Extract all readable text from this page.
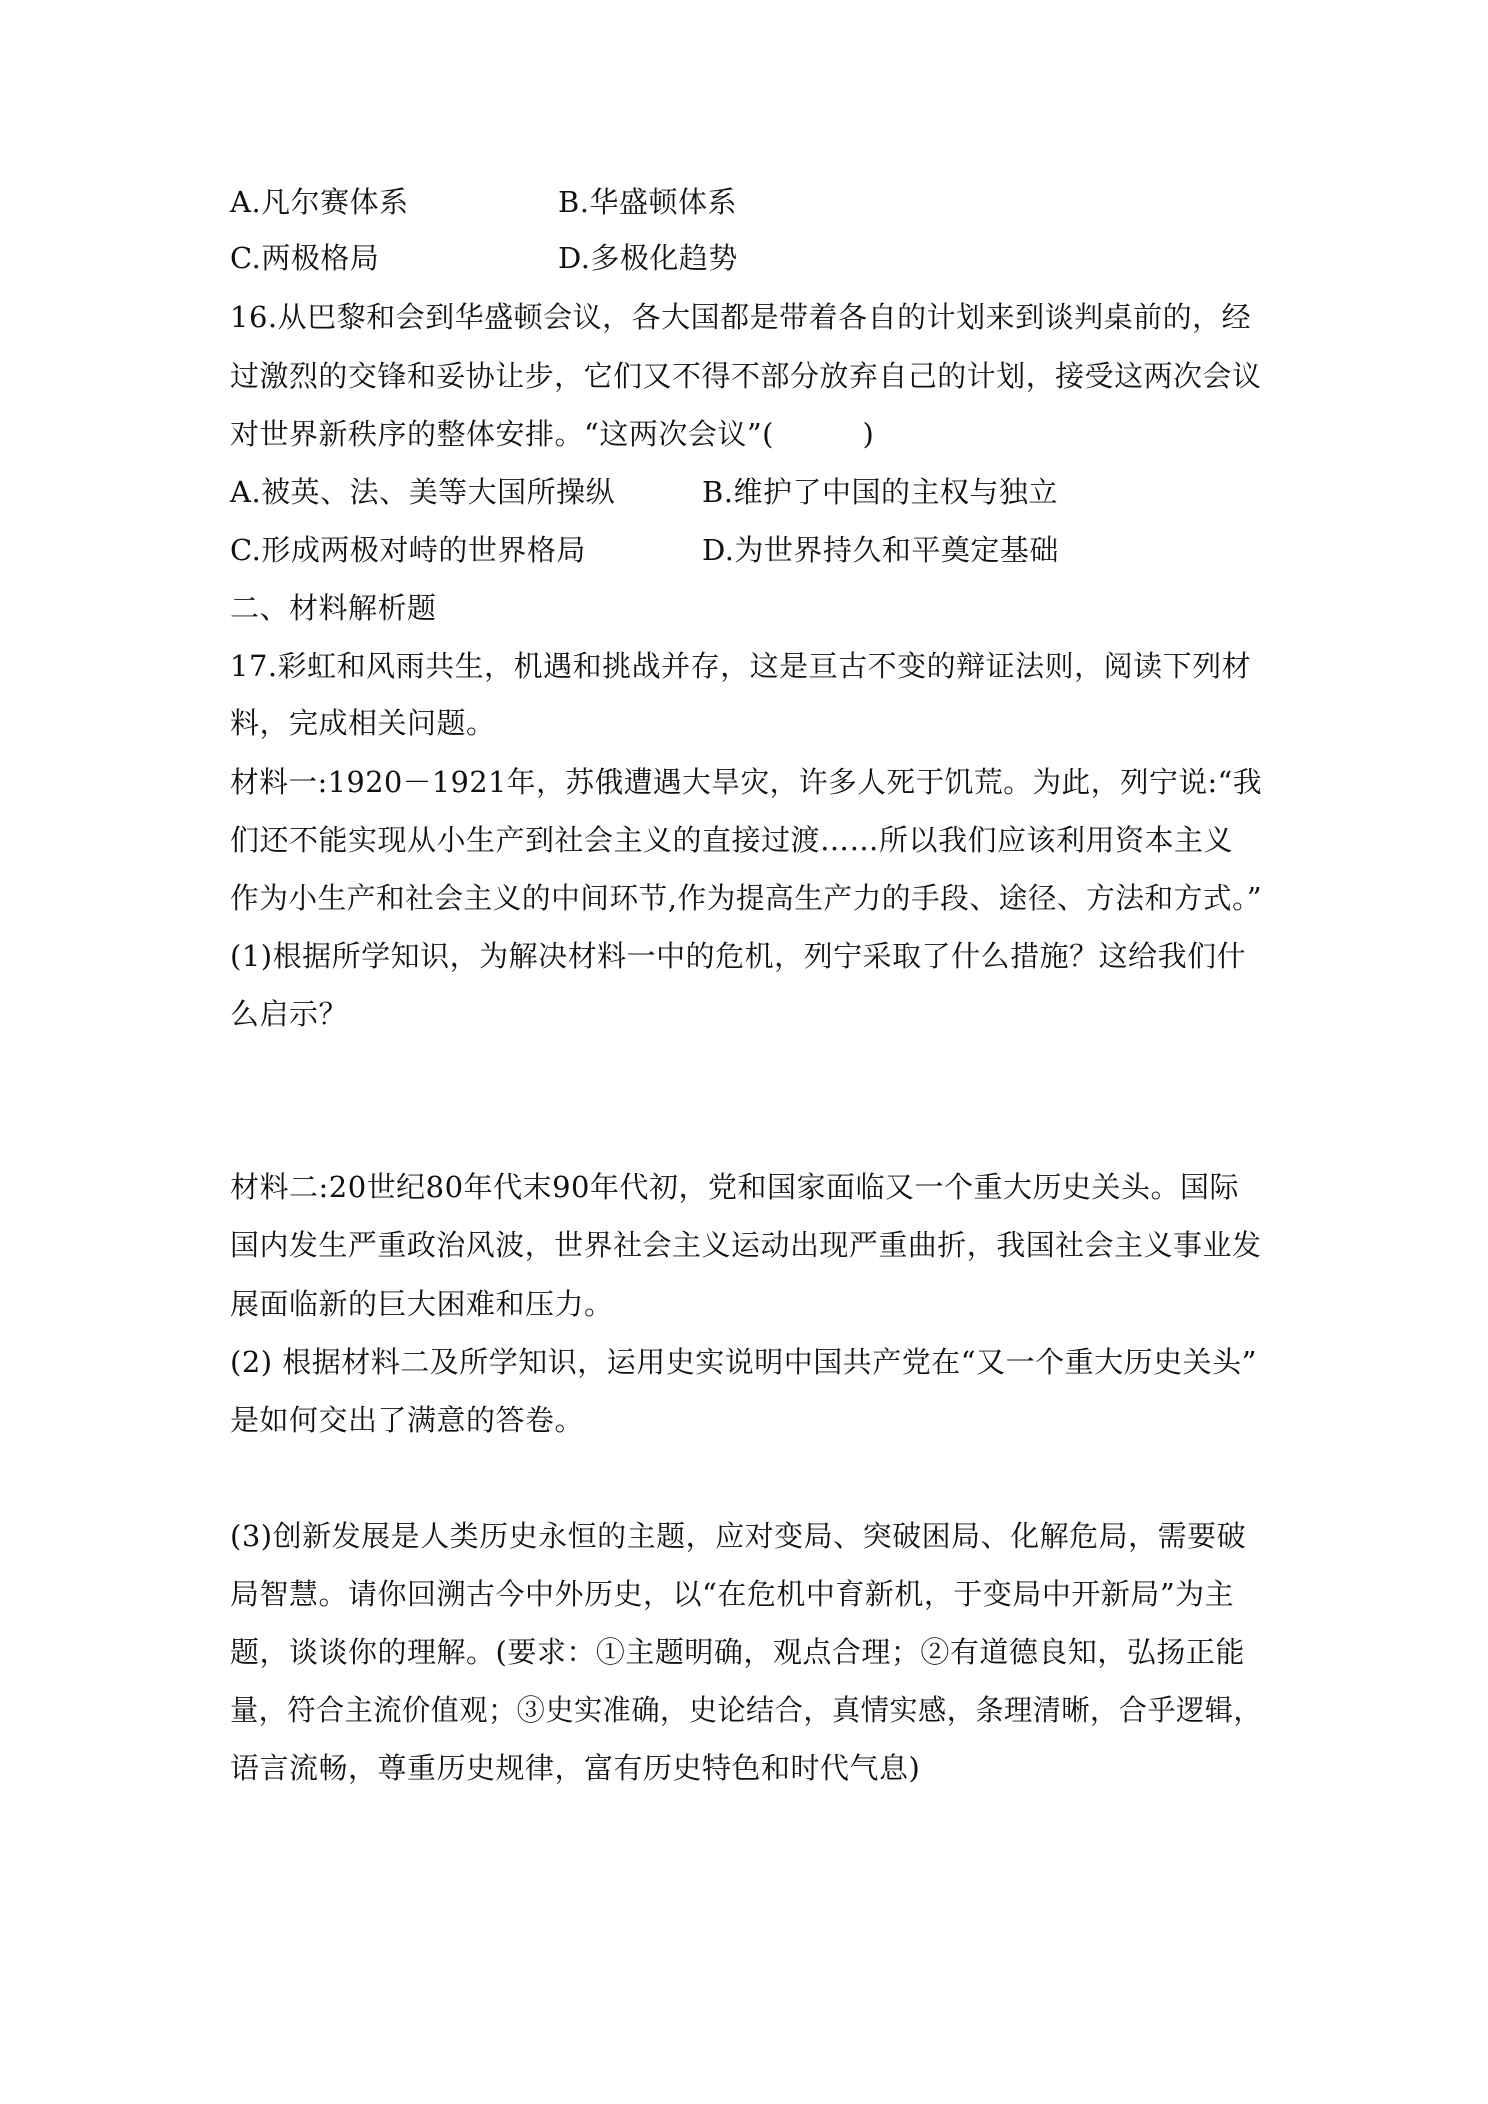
A.凡尔赛体系	B.华盛顿体系
C.两极格局	D.多极化趋势
16.从巴黎和会到华盛顿会议，各大国都是带着各自的计划来到谈判桌前的，经
过激烈的交锋和妥协让步，它们又不得不部分放弃自己的计划，接受这两次会议
对世界新秩序的整体安排。“这两次会议”(　　　)
A.被英、法、美等大国所操纵	B.维护了中国的主权与独立
C.形成两极对峙的世界格局	D.为世界持久和平奠定基础
二、材料解析题
17.彩虹和风雨共生，机遇和挑战并存，这是亘古不变的辩证法则，阅读下列材
料，完成相关问题。
材料一:1920－1921年，苏俄遭遇大旱灾，许多人死于饥荒。为此，列宁说:“我
们还不能实现从小生产到社会主义的直接过渡……所以我们应该利用资本主义
作为小生产和社会主义的中间环节,作为提高生产力的手段、途径、方法和方式。”
(1)根据所学知识，为解决材料一中的危机，列宁采取了什么措施？这给我们什
么启示？
材料二:20世纪80年代末90年代初，党和国家面临又一个重大历史关头。国际
国内发生严重政治风波，世界社会主义运动出现严重曲折，我国社会主义事业发
展面临新的巨大困难和压力。
(2) 根据材料二及所学知识，运用史实说明中国共产党在“又一个重大历史关头”
是如何交出了满意的答卷。
(3)创新发展是人类历史永恒的主题，应对变局、突破困局、化解危局，需要破
局智慧。请你回溯古今中外历史，以“在危机中育新机，于变局中开新局”为主
题，谈谈你的理解。(要求：①主题明确，观点合理；②有道德良知，弘扬正能
量，符合主流价值观；③史实准确，史论结合，真情实感，条理清晰，合乎逻辑，
语言流畅，尊重历史规律，富有历史特色和时代气息)
